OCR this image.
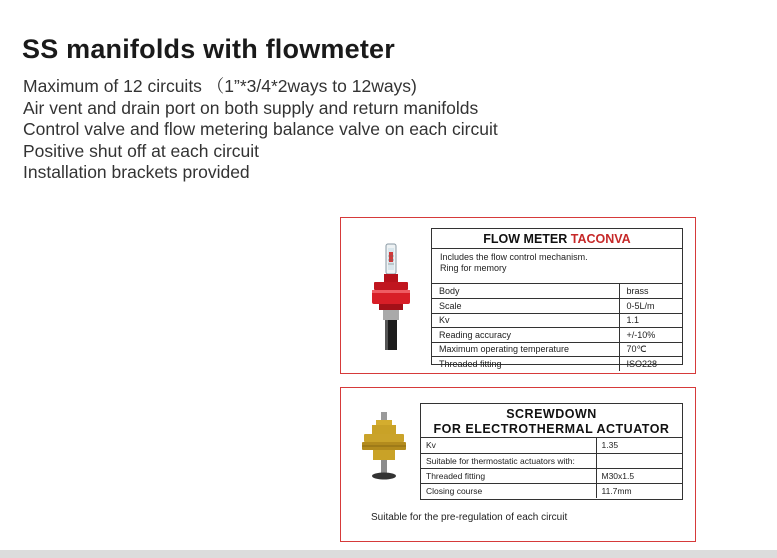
SS manifolds with flowmeter
Maximum of 12 circuits （1”*3/4*2ways to 12ways)
Air vent and drain port on both supply and return manifolds
Control valve and flow metering balance valve on each circuit
Positive shut off at each circuit
Installation brackets provided
FLOW METER TACONVA
Includes the flow control mechanism.
Ring for memory
Body	brass
Scale	0-5L/m
Kv	1.1
Reading accuracy	+/-10%
Maximum operating temperature	70℃
Threaded fitting	ISO228
SCREWDOWN
FOR ELECTROTHERMAL ACTUATOR
Kv	1.35
Suitable for thermostatic actuators with:	
Threaded fitting	M30x1.5
Closing course	11.7mm
Suitable for the pre-regulation of each circuit
